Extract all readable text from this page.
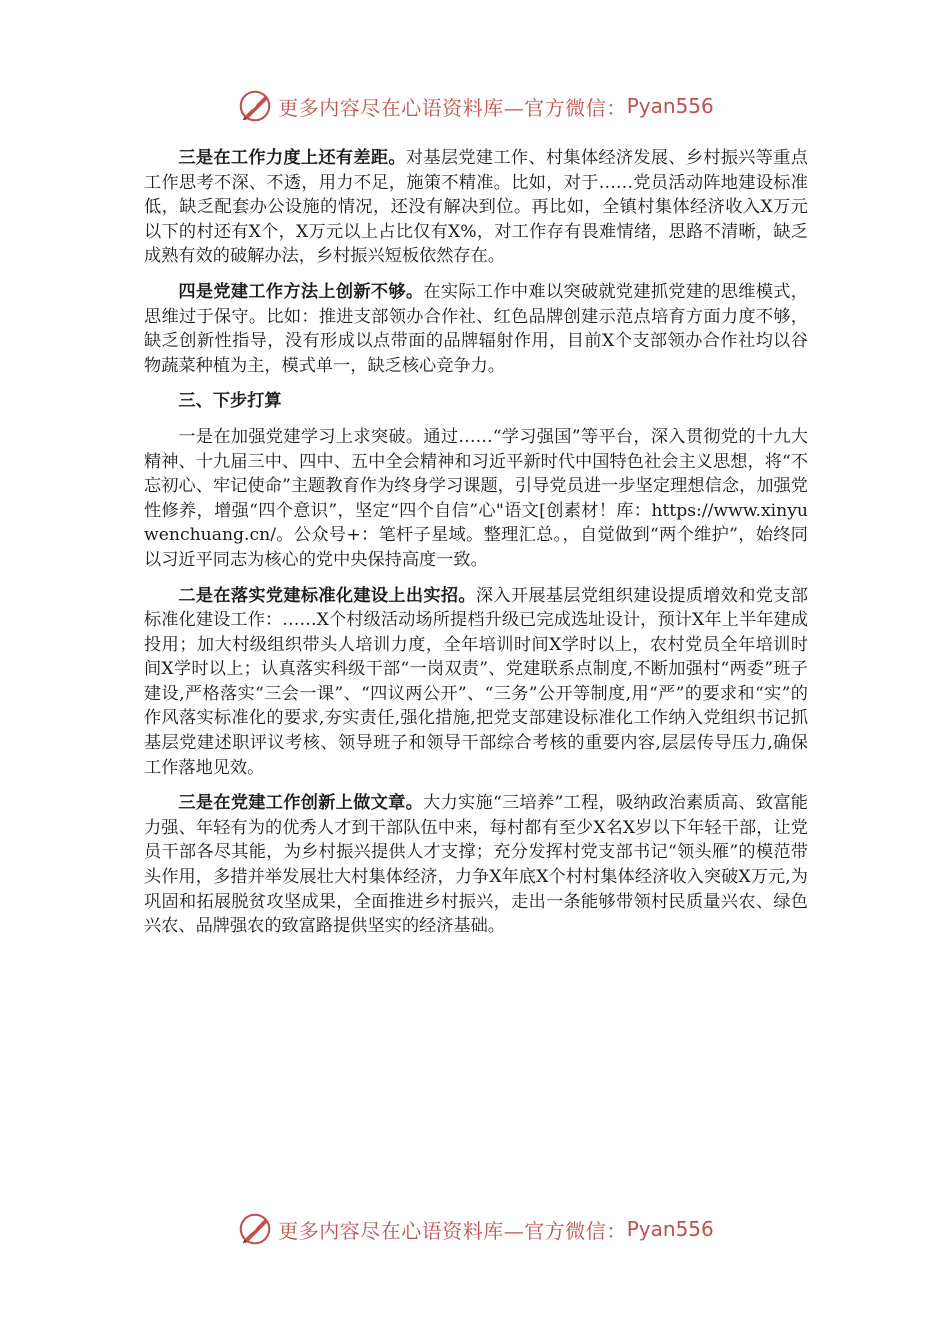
更多内容尽在心语资料库—官方微信： Pyan556

三是在工作力度上还有差距。对基层党建工作、村集体经济发展、乡村振兴等重点工作思考不深、不透，用力不足，施策不精准。比如，对于……党员活动阵地建设标准低，缺乏配套办公设施的情况，还没有解决到位。再比如，全镇村集体经济收入X万元以下的村还有X个，X万元以上占比仅有X%，对工作存有畏难情绪，思路不清晰，缺乏成熟有效的破解办法，乡村振兴短板依然存在。

四是党建工作方法上创新不够。在实际工作中难以突破就党建抓党建的思维模式，思维过于保守。比如：推进支部领办合作社、红色品牌创建示范点培育方面力度不够，缺乏创新性指导，没有形成以点带面的品牌辐射作用，目前X个支部领办合作社均以谷物蔬菜种植为主，模式单一，缺乏核心竞争力。

三、下步打算

一是在加强党建学习上求突破。通过……“学习强国”等平台，深入贯彻党的十九大精神、十九届三中、四中、五中全会精神和习近平新时代中国特色社会主义思想，将“不忘初心、牢记使命”主题教育作为终身学习课题，引导党员进一步坚定理想信念，加强党性修养，增强“四个意识”，坚定“四个自信”心"语文[创素材！库：https://www.xinyuwenchuang.cn/。公众号+：笔杆子星域。整理汇总。，自觉做到“两个维护”，始终同以习近平同志为核心的党中央保持高度一致。

二是在落实党建标准化建设上出实招。深入开展基层党组织建设提质增效和党支部标准化建设工作：……X个村级活动场所提档升级已完成选址设计，预计X年上半年建成投用；加大村级组织带头人培训力度，全年培训时间X学时以上，农村党员全年培训时间X学时以上；认真落实科级干部“一岗双责”、党建联系点制度,不断加强村“两委”班子建设,严格落实“三会一课”、“四议两公开”、“三务”公开等制度,用“严”的要求和“实”的作风落实标准化的要求,夯实责任,强化措施,把党支部建设标准化工作纳入党组织书记抓基层党建述职评议考核、领导班子和领导干部综合考核的重要内容,层层传导压力,确保工作落地见效。

三是在党建工作创新上做文章。大力实施“三培养”工程，吸纳政治素质高、致富能力强、年轻有为的优秀人才到干部队伍中来，每村都有至少X名X岁以下年轻干部，让党员干部各尽其能，为乡村振兴提供人才支撑；充分发挥村党支部书记“领头雁”的模范带头作用，多措并举发展壮大村集体经济，力争X年底X个村村集体经济收入突破X万元,为巩固和拓展脱贫攻坚成果，全面推进乡村振兴，走出一条能够带领村民质量兴农、绿色兴农、品牌强农的致富路提供坚实的经济基础。

更多内容尽在心语资料库—官方微信： Pyan556
